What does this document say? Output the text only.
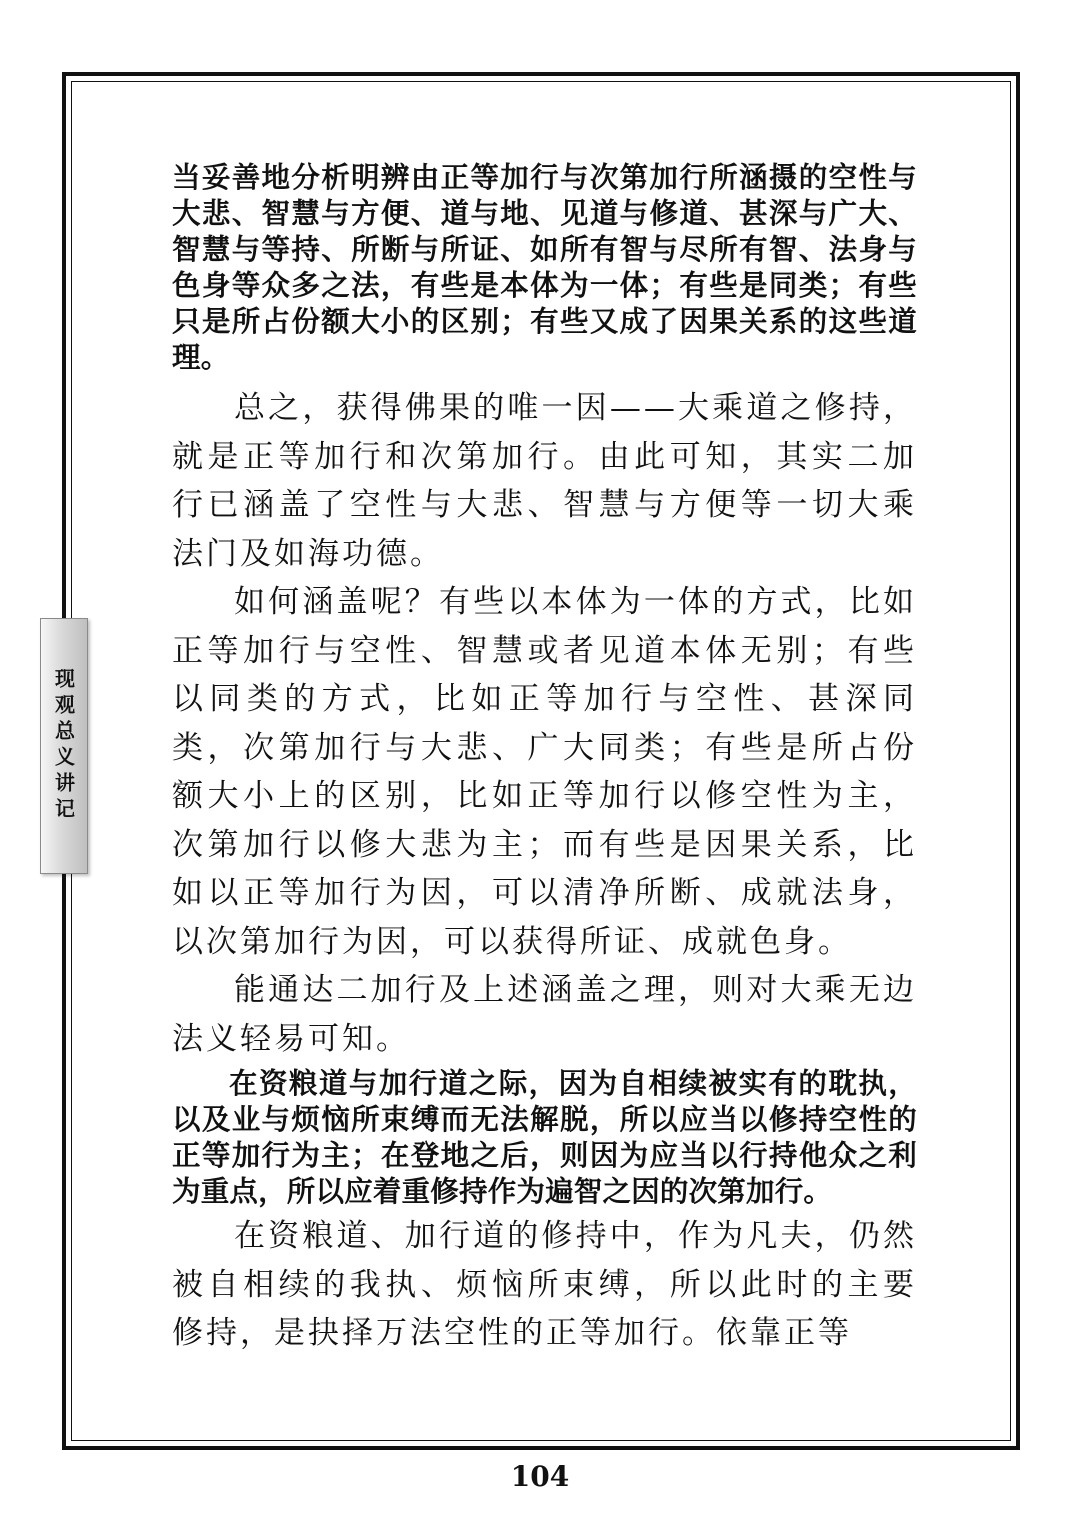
现观总义讲记

当妥善地分析明辨由正等加行与次第加行所涵摄的空性与大悲、智慧与方便、道与地、见道与修道、甚深与广大、智慧与等持、所断与所证、如所有智与尽所有智、法身与色身等众多之法，有些是本体为一体；有些是同类；有些只是所占份额大小的区别；有些又成了因果关系的这些道理。

总之，获得佛果的唯一因——大乘道之修持，就是正等加行和次第加行。由此可知，其实二加行已涵盖了空性与大悲、智慧与方便等一切大乘法门及如海功德。

如何涵盖呢？有些以本体为一体的方式，比如正等加行与空性、智慧或者见道本体无别；有些以同类的方式，比如正等加行与空性、甚深同类，次第加行与大悲、广大同类；有些是所占份额大小上的区别，比如正等加行以修空性为主，次第加行以修大悲为主；而有些是因果关系，比如以正等加行为因，可以清净所断、成就法身，以次第加行为因，可以获得所证、成就色身。

能通达二加行及上述涵盖之理，则对大乘无边法义轻易可知。

在资粮道与加行道之际，因为自相续被实有的耽执，以及业与烦恼所束缚而无法解脱，所以应当以修持空性的正等加行为主；在登地之后，则因为应当以行持他众之利为重点，所以应着重修持作为遍智之因的次第加行。

在资粮道、加行道的修持中，作为凡夫，仍然被自相续的我执、烦恼所束缚，所以此时的主要修持，是抉择万法空性的正等加行。依靠正等

104
